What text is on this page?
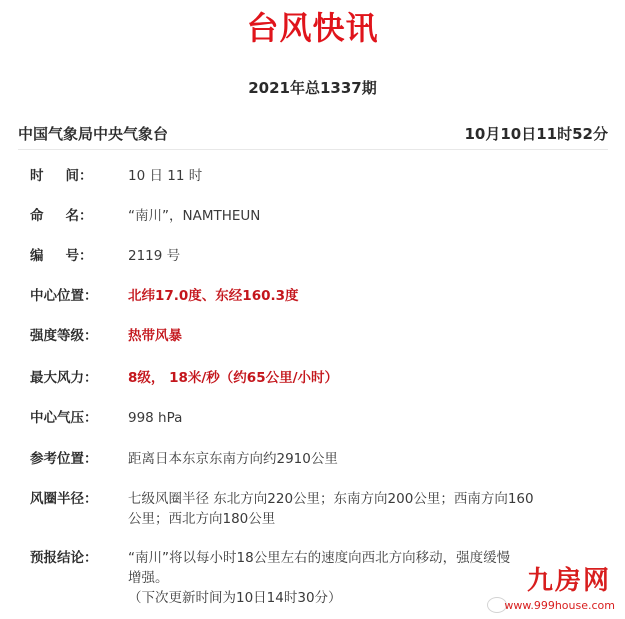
台风快讯
2021年总1337期
中国气象局中央气象台	10月10日11时52分
时 间：	10 日 11 时
命 名：	“南川”，NAMTHEUN
编 号：	2119 号
中心位置：	北纬17.0度、东经160.3度
强度等级：	热带风暴
最大风力：	8级， 18米/秒（约65公里/小时）
中心气压：	998 hPa
参考位置：	距离日本东京东南方向约2910公里
风圈半径：	七级风圈半径 东北方向220公里；东南方向200公里；西南方向160
公里；西北方向180公里
预报结论：	“南川”将以每小时18公里左右的速度向西北方向移动，强度缓慢
增强。
（下次更新时间为10日14时30分）
九房网
www.999house.com
